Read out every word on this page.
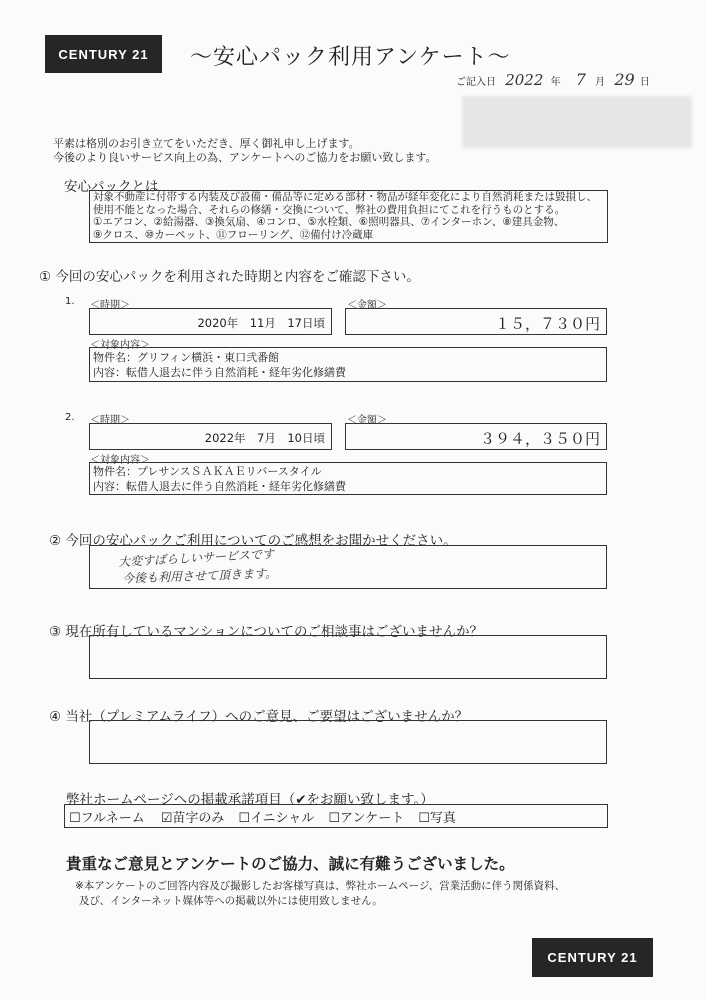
CENTURY 21
CENTURY 21
～安心パック利用アンケート～
ご記入日 2022 年 7 月 29 日
平素は格別のお引き立てをいただき、厚く御礼申し上げます。
今後のより良いサービス向上の為、アンケートへのご協力をお願い致します。
安心パックとは
対象不動産に付帯する内装及び設備・備品等に定める部材・物品が経年変化により自然消耗または毀損し、
使用不能となった場合、それらの修繕・交換について、弊社の費用負担にてこれを行うものとする。
①エアコン、②給湯器、③換気扇、④コンロ、⑤水栓類、⑥照明器具、⑦インターホン、⑧建具金物、
⑨クロス、⑩カーペット、⑪フローリング、⑫備付け冷蔵庫
① 今回の安心パックを利用された時期と内容をご確認下さい。
1. ＜時期＞
2020年　11月　17日頃
＜金額＞
１５，７３０円
＜対象内容＞
物件名：グリフィン横浜・東口弐番館
内容：転借人退去に伴う自然消耗・経年劣化修繕費
2. ＜時期＞
2022年　7月　10日頃
＜金額＞
３９４，３５０円
＜対象内容＞
物件名：プレサンスＳＡＫＡＥリバースタイル
内容：転借人退去に伴う自然消耗・経年劣化修繕費
② 今回の安心パックご利用についてのご感想をお聞かせください。
大変すばらしいサービスです
今後も利用させて頂きます。
③ 現在所有しているマンションについてのご相談事はございませんか？
④ 当社（プレミアムライフ）へのご意見、ご要望はございませんか？
弊社ホームページへの掲載承諾項目（✔をお願い致します。）
☐フルネーム ☑苗字のみ ☐イニシャル ☐アンケート ☐写真
貴重なご意見とアンケートのご協力、誠に有難うございました。
※本アンケートのご回答内容及び撮影したお客様写真は、弊社ホームページ、営業活動に伴う関係資料、
及び、インターネット媒体等への掲載以外には使用致しません。
